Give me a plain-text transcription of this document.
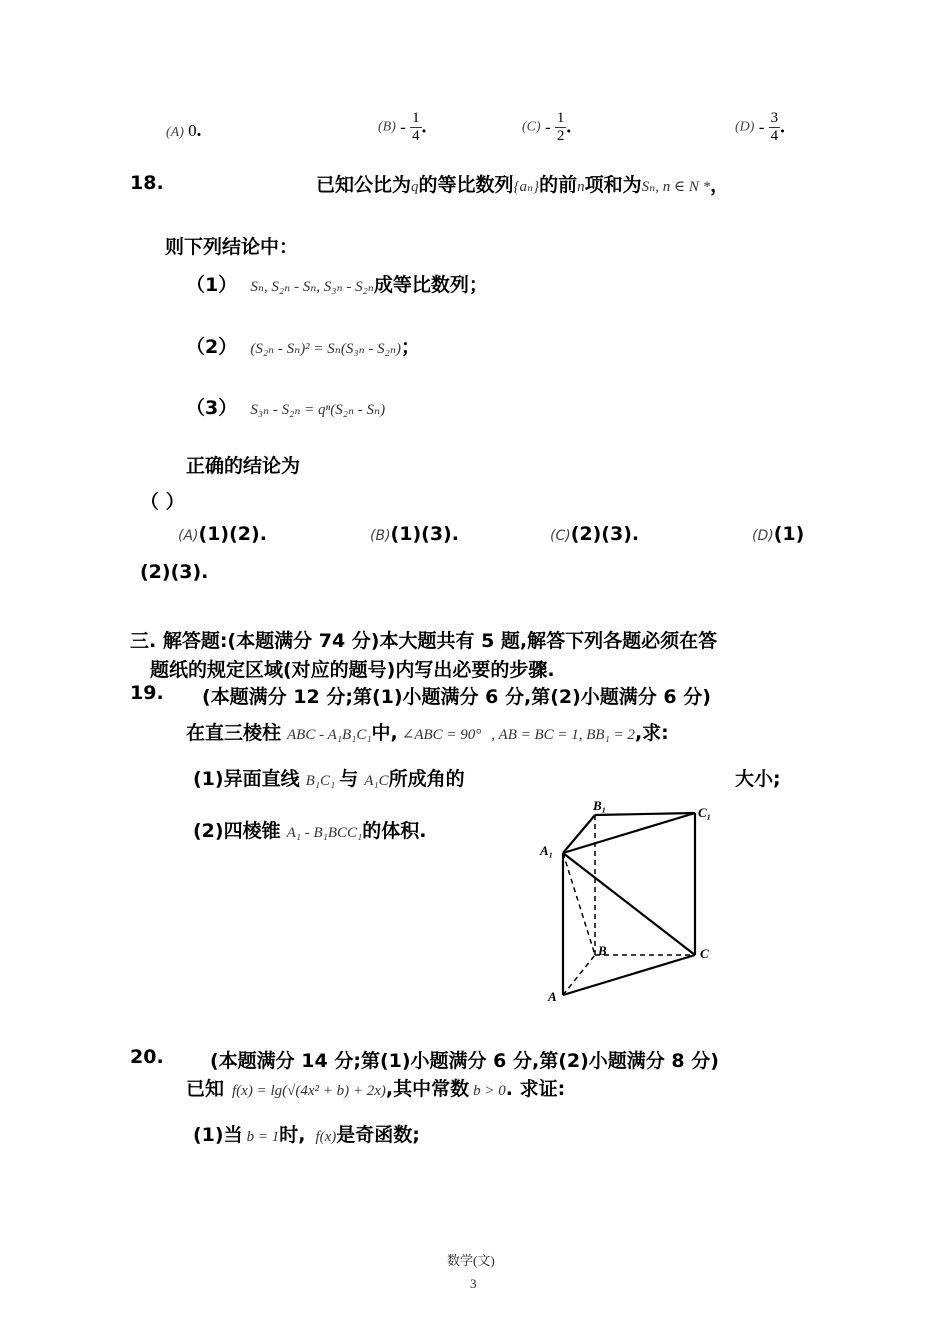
(A) 0.	$(B) - \frac{1}{4}$ .	$(C) - \frac{1}{2}$ .	$(D) - \frac{3}{4}$ .
18.	已知公比为q的等比数列{aₙ}的前n项和为Sₙ, n ∈ N *，
则下列结论中：
（1） Sₙ, S₂ₙ - Sₙ, S₃ₙ - S₂ₙ成等比数列；
（2） (S₂ₙ - Sₙ)² = Sₙ(S₃ₙ - S₂ₙ)；
（3） S₃ₙ - S₂ₙ = qⁿ(S₂ₙ - Sₙ)
正确的结论为
（ ）
(A)(1)(2).	(B)(1)(3).	(C)(2)(3).	(D)(1)
(2)(3).
三. 解答题:(本题满分 74 分)本大题共有 5 题,解答下列各题必须在答
题纸的规定区域(对应的题号)内写出必要的步骤.
19. (本题满分 12 分;第(1)小题满分 6 分,第(2)小题满分 6 分)
在直三棱柱 ABC - A₁B₁C₁中, ∠ABC = 90° , AB = BC = 1, BB₁ = 2,求:
(1)异面直线 B₁C₁ 与 A₁C所成角的	大小;
(2)四棱锥 A₁ - B₁BCC₁的体积.
B₁	C₁
A₁
B	C
A
20. (本题满分 14 分;第(1)小题满分 6 分,第(2)小题满分 8 分)
已知 f(x) = lg(√(4x² + b) + 2x),其中常数 b > 0. 求证:
(1)当 b = 1时, f(x)是奇函数;
数学(文)
3
